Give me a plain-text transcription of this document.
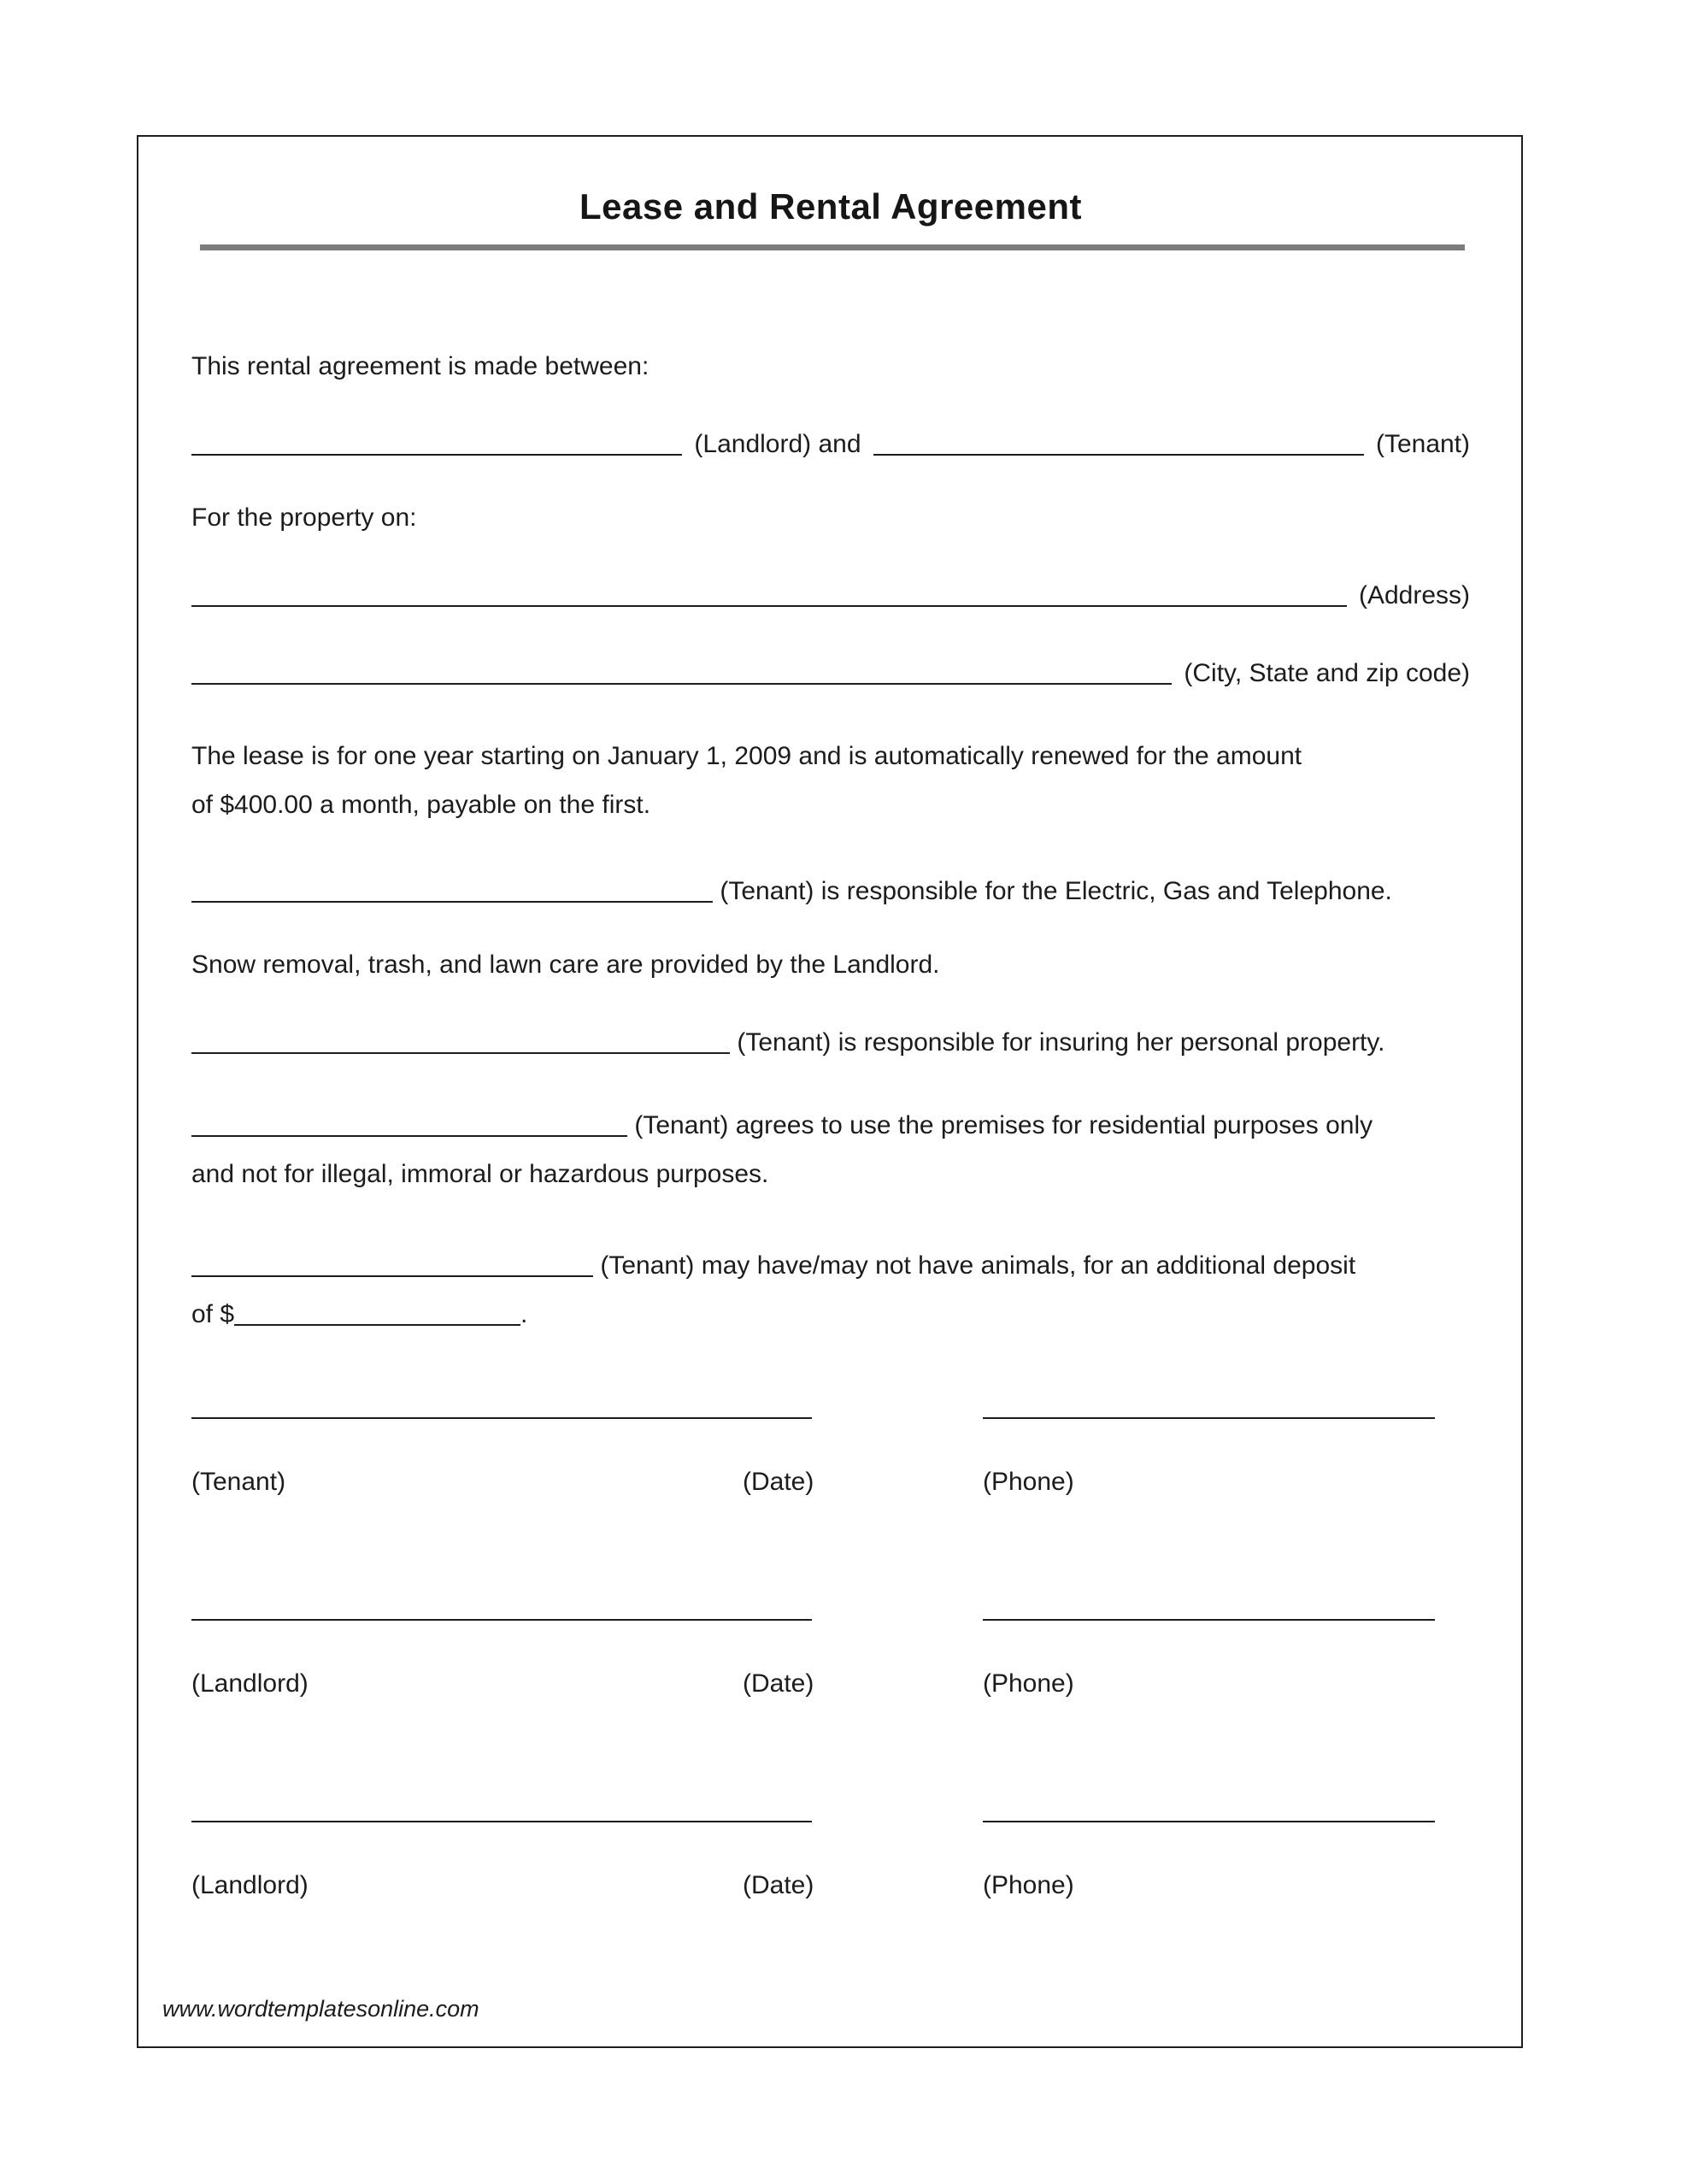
Lease and Rental Agreement

This rental agreement is made between:

(Landlord) and	(Tenant)

For the property on:

(Address)
(City, State and zip code)

The lease is for one year starting on January 1, 2009 and is automatically renewed for the amount
of $400.00 a month, payable on the first.

(Tenant) is responsible for the Electric, Gas and Telephone.

Snow removal, trash, and lawn care are provided by the Landlord.

(Tenant) is responsible for insuring her personal property.

(Tenant) agrees to use the premises for residential purposes only
and not for illegal, immoral or hazardous purposes.

(Tenant) may have/may not have animals, for an additional deposit
of $	.

(Tenant)	(Date)	(Phone)
(Landlord)	(Date)	(Phone)
(Landlord)	(Date)	(Phone)
www.wordtemplatesonline.com
